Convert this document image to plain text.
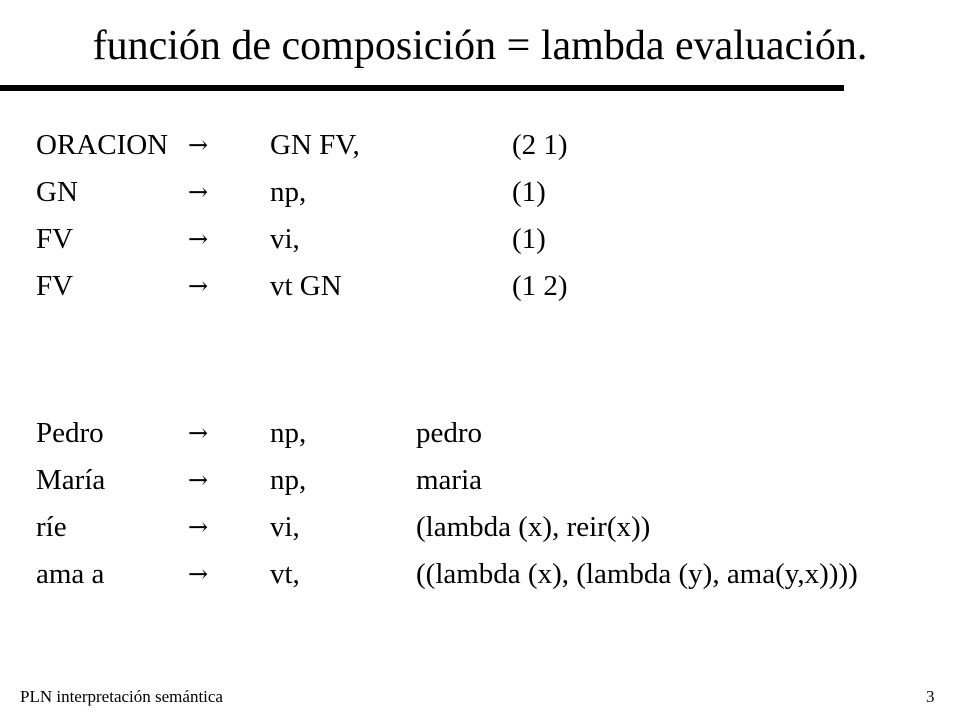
función de composición = lambda evaluación.
ORACION → GN FV,	(2 1)
GN	→ np,	(1)
FV	→ vi,	(1)
FV	→ vt GN	(1 2)
Pedro	→ np,	pedro
María	→ np,	maria
ríe	→ vi,	(lambda (x), reir(x))
ama a	→ vt,	((lambda (x), (lambda (y), ama(y,x))))
PLN interpretación semántica	3
